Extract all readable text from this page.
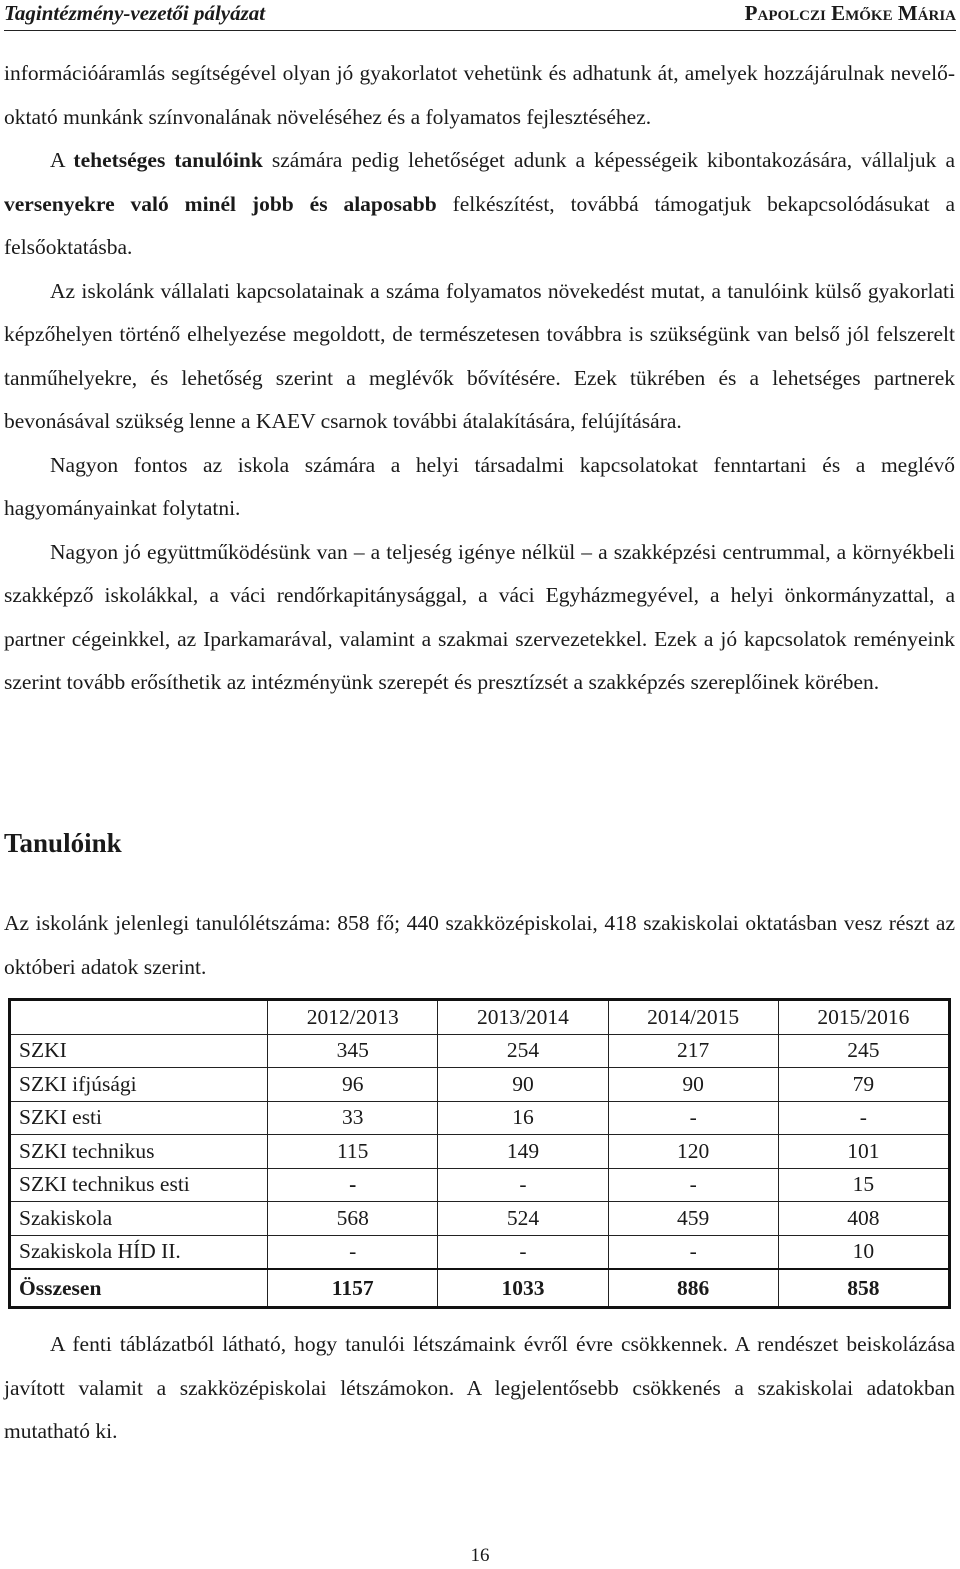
Tagintézmény-vezetői pályázat	Papolczi Emőke Mária

információáramlás segítségével olyan jó gyakorlatot vehetünk és adhatunk át, amelyek hozzájárulnak nevelő-oktató munkánk színvonalának növeléséhez és a folyamatos fejlesztéséhez.

A tehetséges tanulóink számára pedig lehetőséget adunk a képességeik kibontakozására, vállaljuk a versenyekre való minél jobb és alaposabb felkészítést, továbbá támogatjuk bekapcsolódásukat a felsőoktatásba.

Az iskolánk vállalati kapcsolatainak a száma folyamatos növekedést mutat, a tanulóink külső gyakorlati képzőhelyen történő elhelyezése megoldott, de természetesen továbbra is szükségünk van belső jól felszerelt tanműhelyekre, és lehetőség szerint a meglévők bővítésére. Ezek tükrében és a lehetséges partnerek bevonásával szükség lenne a KAEV csarnok további átalakítására, felújítására.

Nagyon fontos az iskola számára a helyi társadalmi kapcsolatokat fenntartani és a meglévő hagyományainkat folytatni.

Nagyon jó együttműködésünk van – a teljeség igénye nélkül – a szakképzési centrummal, a környékbeli szakképző iskolákkal, a váci rendőrkapitánysággal, a váci Egyházmegyével, a helyi önkormányzattal, a partner cégeinkkel, az Iparkamarával, valamint a szakmai szervezetekkel. Ezek a jó kapcsolatok reményeink szerint tovább erősíthetik az intézményünk szerepét és presztízsét a szakképzés szereplőinek körében.

Tanulóink

Az iskolánk jelenlegi tanulólétszáma: 858 fő; 440 szakközépiskolai, 418 szakiskolai oktatásban vesz részt az októberi adatok szerint.

	2012/2013	2013/2014	2014/2015	2015/2016
SZKI	345	254	217	245
SZKI ifjúsági	96	90	90	79
SZKI esti	33	16	-	-
SZKI technikus	115	149	120	101
SZKI technikus esti	-	-	-	15
Szakiskola	568	524	459	408
Szakiskola HÍD II.	-	-	-	10
Összesen	1157	1033	886	858

A fenti táblázatból látható, hogy tanulói létszámaink évről évre csökkennek. A rendészet beiskolázása javított valamit a szakközépiskolai létszámokon. A legjelentősebb csökkenés a szakiskolai adatokban mutatható ki.

16
